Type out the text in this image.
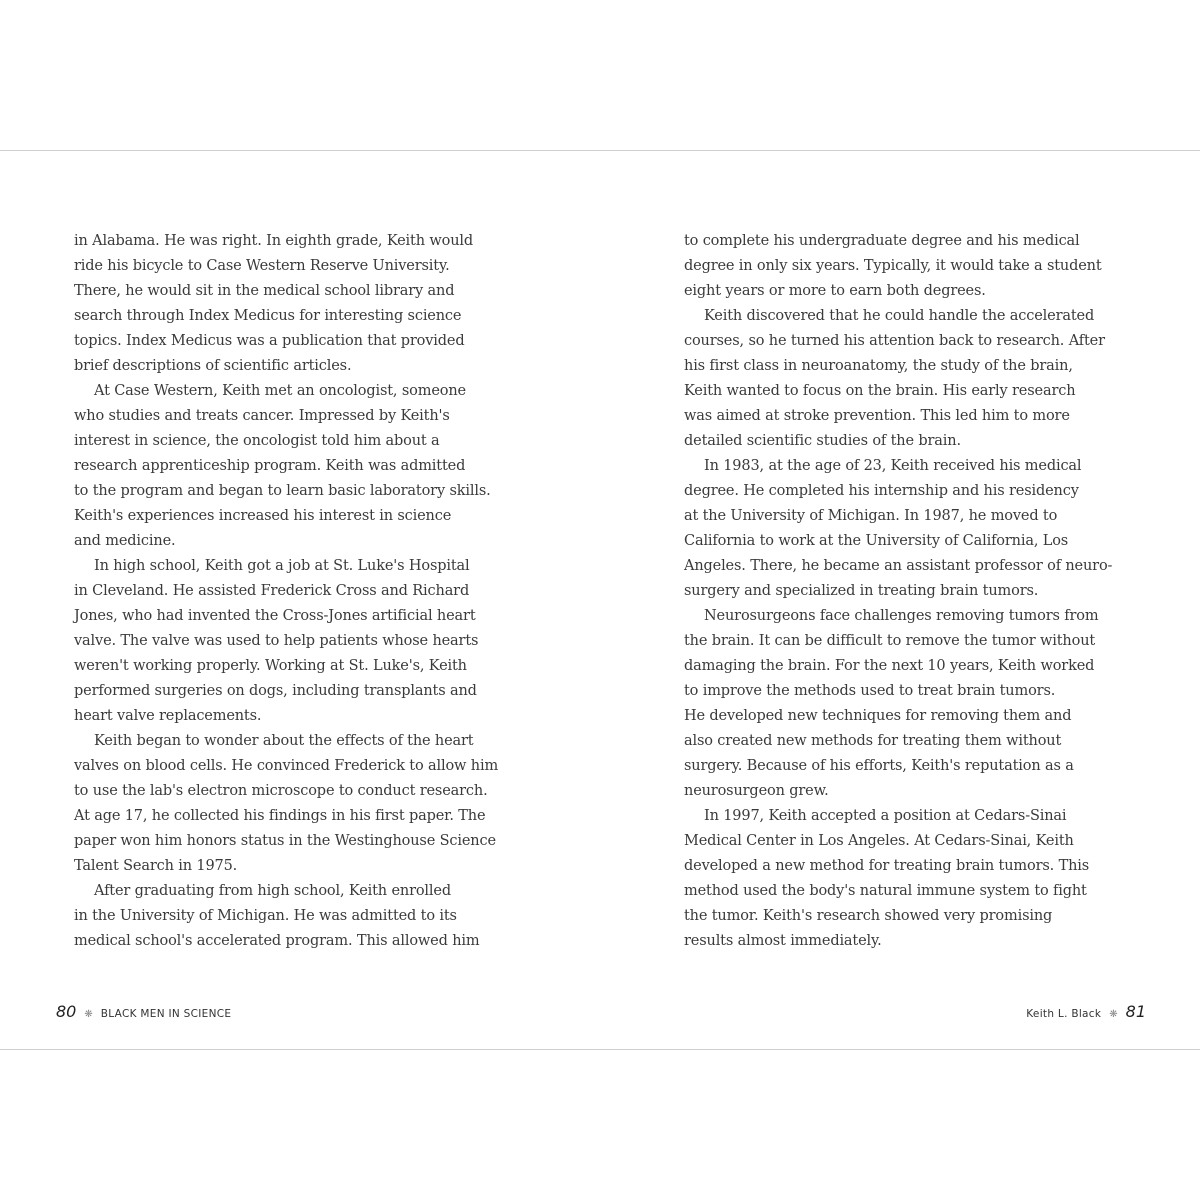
in Alabama. He was right. In eighth grade, Keith would
ride his bicycle to Case Western Reserve University.
There, he would sit in the medical school library and
search through Index Medicus for interesting science
topics. Index Medicus was a publication that provided
brief descriptions of scientific articles.
At Case Western, Keith met an oncologist, someone
who studies and treats cancer. Impressed by Keith's
interest in science, the oncologist told him about a
research apprenticeship program. Keith was admitted
to the program and began to learn basic laboratory skills.
Keith's experiences increased his interest in science
and medicine.
In high school, Keith got a job at St. Luke's Hospital
in Cleveland. He assisted Frederick Cross and Richard
Jones, who had invented the Cross-Jones artificial heart
valve. The valve was used to help patients whose hearts
weren't working properly. Working at St. Luke's, Keith
performed surgeries on dogs, including transplants and
heart valve replacements.
Keith began to wonder about the effects of the heart
valves on blood cells. He convinced Frederick to allow him
to use the lab's electron microscope to conduct research.
At age 17, he collected his findings in his first paper. The
paper won him honors status in the Westinghouse Science
Talent Search in 1975.
After graduating from high school, Keith enrolled
in the University of Michigan. He was admitted to its
medical school's accelerated program. This allowed him
to complete his undergraduate degree and his medical
degree in only six years. Typically, it would take a student
eight years or more to earn both degrees.
Keith discovered that he could handle the accelerated
courses, so he turned his attention back to research. After
his first class in neuroanatomy, the study of the brain,
Keith wanted to focus on the brain. His early research
was aimed at stroke prevention. This led him to more
detailed scientific studies of the brain.
In 1983, at the age of 23, Keith received his medical
degree. He completed his internship and his residency
at the University of Michigan. In 1987, he moved to
California to work at the University of California, Los
Angeles. There, he became an assistant professor of neuro-
surgery and specialized in treating brain tumors.
Neurosurgeons face challenges removing tumors from
the brain. It can be difficult to remove the tumor without
damaging the brain. For the next 10 years, Keith worked
to improve the methods used to treat brain tumors.
He developed new techniques for removing them and
also created new methods for treating them without
surgery. Because of his efforts, Keith's reputation as a
neurosurgeon grew.
In 1997, Keith accepted a position at Cedars-Sinai
Medical Center in Los Angeles. At Cedars-Sinai, Keith
developed a new method for treating brain tumors. This
method used the body's natural immune system to fight
the tumor. Keith's research showed very promising
results almost immediately.
80 ❋ BLACK MEN IN SCIENCE	Keith L. Black ❋ 81
